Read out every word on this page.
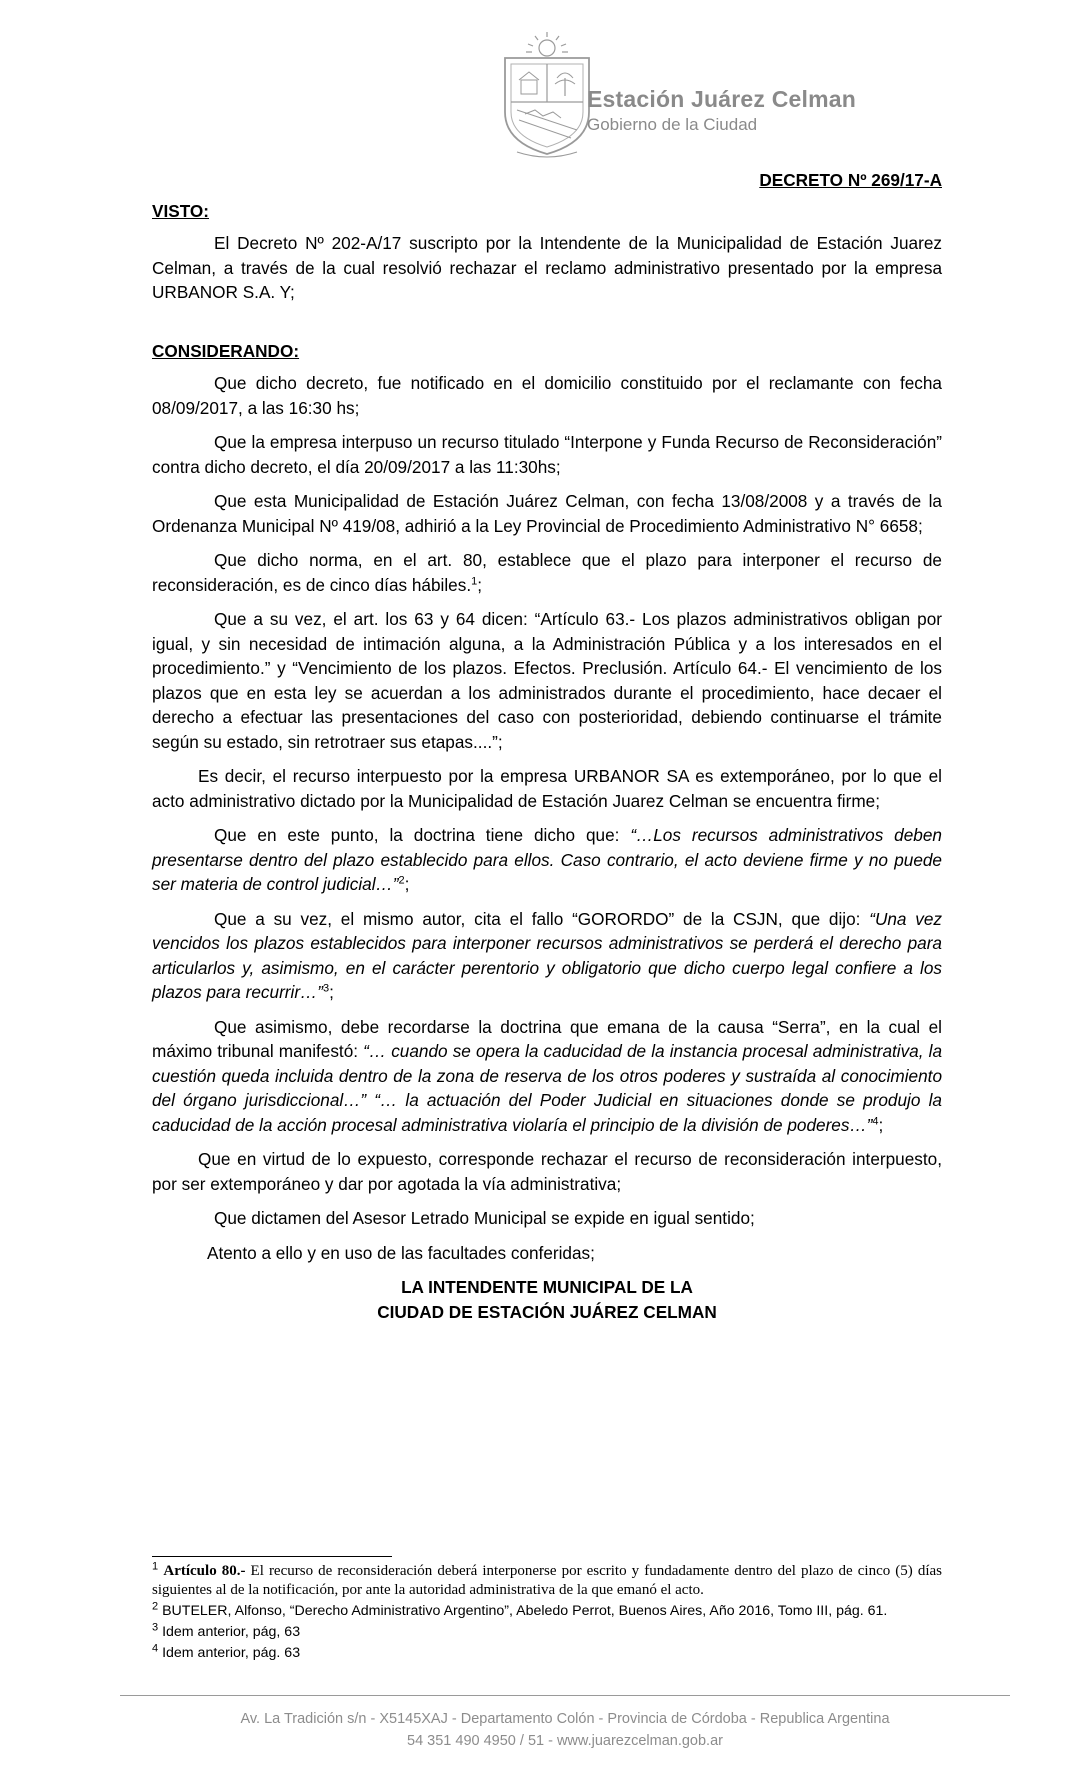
Estación Juárez Celman
Gobierno de la Ciudad

DECRETO Nº 269/17-A

VISTO:

El Decreto Nº 202-A/17 suscripto por la Intendente de la Municipalidad de Estación Juarez Celman, a través de la cual resolvió rechazar el reclamo administrativo presentado por la empresa URBANOR S.A. Y;

CONSIDERANDO:

Que dicho decreto, fue notificado en el domicilio constituido por el reclamante con fecha 08/09/2017, a las 16:30 hs;

Que la empresa interpuso un recurso titulado “Interpone y Funda Recurso de Reconsideración” contra dicho decreto, el día 20/09/2017 a las 11:30hs;

Que esta Municipalidad de Estación Juárez Celman, con fecha 13/08/2008 y a través de la Ordenanza Municipal Nº 419/08, adhirió a la Ley Provincial de Procedimiento Administrativo N° 6658;

Que dicho norma, en el art. 80, establece que el plazo para interponer el recurso de reconsideración, es de cinco días hábiles.$^1$;

Que a su vez, el art. los 63 y 64 dicen: “Artículo 63.- Los plazos administrativos obligan por igual, y sin necesidad de intimación alguna, a la Administración Pública y a los interesados en el procedimiento.” y “Vencimiento de los plazos. Efectos. Preclusión. Artículo 64.- El vencimiento de los plazos que en esta ley se acuerdan a los administrados durante el procedimiento, hace decaer el derecho a efectuar las presentaciones del caso con posterioridad, debiendo continuarse el trámite según su estado, sin retrotraer sus etapas....”;

Es decir, el recurso interpuesto por la empresa URBANOR SA es extemporáneo, por lo que el acto administrativo dictado por la Municipalidad de Estación Juarez Celman se encuentra firme;

Que en este punto, la doctrina tiene dicho que: “…Los recursos administrativos deben presentarse dentro del plazo establecido para ellos. Caso contrario, el acto deviene firme y no puede ser materia de control judicial…”$^2$;

Que a su vez, el mismo autor, cita el fallo “GORORDO” de la CSJN, que dijo: “Una vez vencidos los plazos establecidos para interponer recursos administrativos se perderá el derecho para articularlos y, asimismo, en el carácter perentorio y obligatorio que dicho cuerpo legal confiere a los plazos para recurrir…”$^3$;

Que asimismo, debe recordarse la doctrina que emana de la causa “Serra”, en la cual el máximo tribunal manifestó: “… cuando se opera la caducidad de la instancia procesal administrativa, la cuestión queda incluida dentro de la zona de reserva de los otros poderes y sustraída al conocimiento del órgano jurisdiccional…” “… la actuación del Poder Judicial en situaciones donde se produjo la caducidad de la acción procesal administrativa violaría el principio de la división de poderes…”$^4$;

Que en virtud de lo expuesto, corresponde rechazar el recurso de reconsideración interpuesto, por ser extemporáneo y dar por agotada la vía administrativa;

Que dictamen del Asesor Letrado Municipal se expide en igual sentido;

Atento a ello y en uso de las facultades conferidas;

LA INTENDENTE MUNICIPAL DE LA
CIUDAD DE ESTACIÓN JUÁREZ CELMAN

$^1$ Artículo 80.- El recurso de reconsideración deberá interponerse por escrito y fundadamente dentro del plazo de cinco (5) días siguientes al de la notificación, por ante la autoridad administrativa de la que emanó el acto.

$^2$ BUTELER, Alfonso, “Derecho Administrativo Argentino”, Abeledo Perrot, Buenos Aires, Año 2016, Tomo III, pág. 61.

$^3$ Idem anterior, pág, 63

$^4$ Idem anterior, pág. 63

Av. La Tradición s/n - X5145XAJ - Departamento Colón - Provincia de Córdoba - Republica Argentina
54 351 490 4950 / 51 - www.juarezcelman.gob.ar
